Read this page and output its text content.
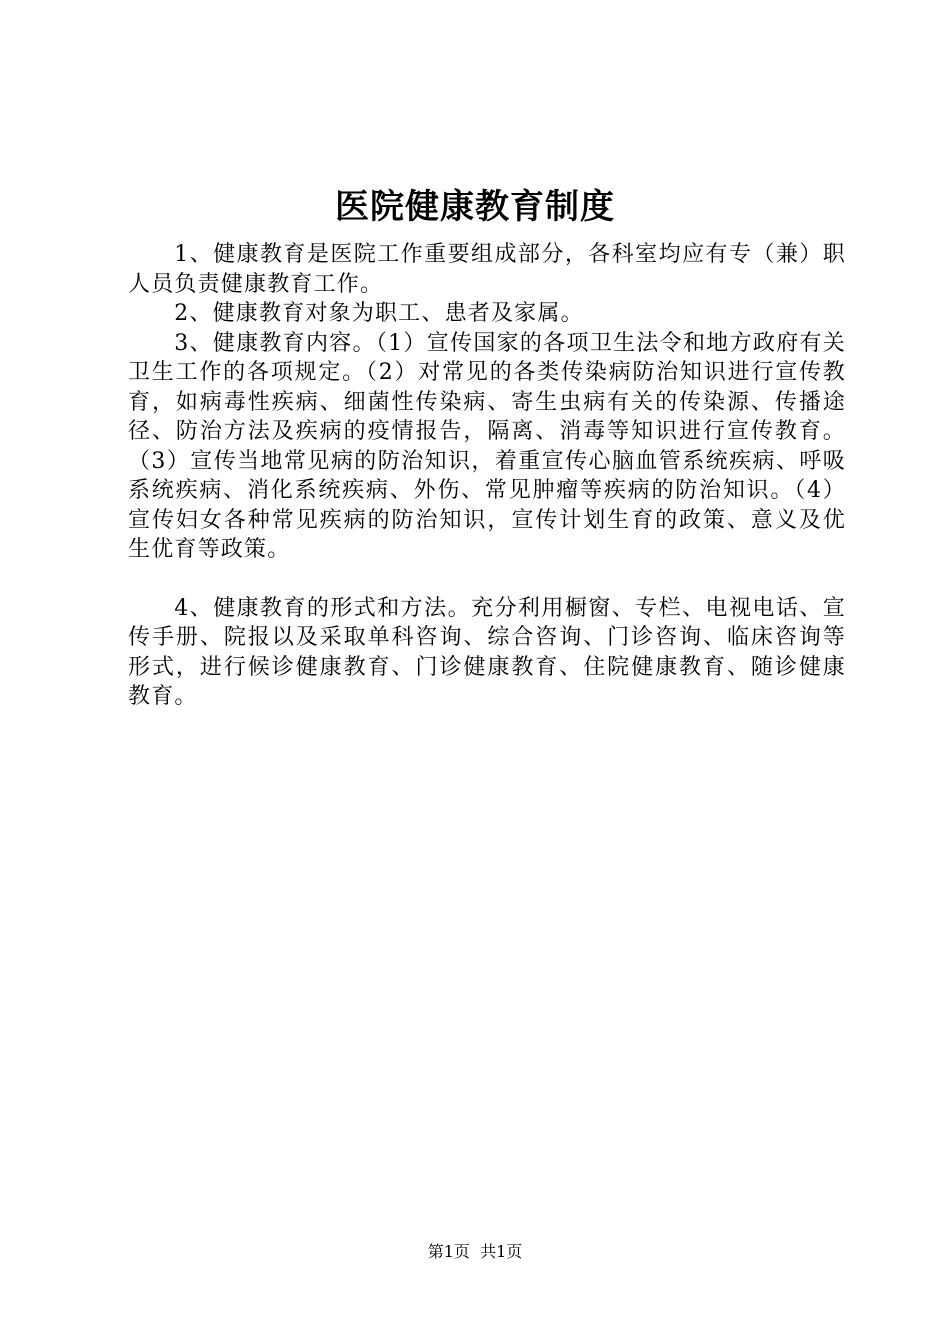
医院健康教育制度

1、健康教育是医院工作重要组成部分，各科室均应有专（兼）职人员负责健康教育工作。

2、健康教育对象为职工、患者及家属。

3、健康教育内容。（1）宣传国家的各项卫生法令和地方政府有关卫生工作的各项规定。（2）对常见的各类传染病防治知识进行宣传教育，如病毒性疾病、细菌性传染病、寄生虫病有关的传染源、传播途径、防治方法及疾病的疫情报告，隔离、消毒等知识进行宣传教育。（3）宣传当地常见病的防治知识，着重宣传心脑血管系统疾病、呼吸系统疾病、消化系统疾病、外伤、常见肿瘤等疾病的防治知识。（4）宣传妇女各种常见疾病的防治知识，宣传计划生育的政策、意义及优生优育等政策。

4、健康教育的形式和方法。充分利用橱窗、专栏、电视电话、宣传手册、院报以及采取单科咨询、综合咨询、门诊咨询、临床咨询等形式，进行候诊健康教育、门诊健康教育、住院健康教育、随诊健康教育。

第1页 共1页
